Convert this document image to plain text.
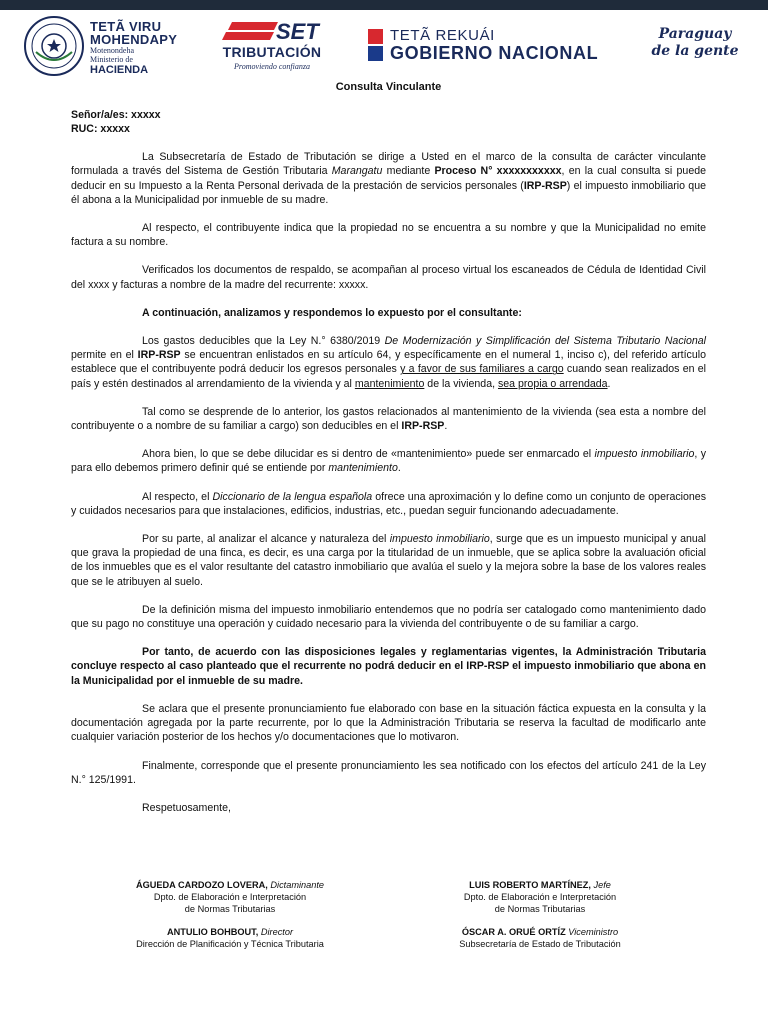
TETÃ VIRU
MOHENDAPY
Motenondeha
Ministerio de
HACIENDA
SET
TRIBUTACIÓN
Promoviendo confianza
TETÃ REKUÁI
GOBIERNO NACIONAL
Paraguay
de la gente
Consulta Vinculante
Señor/a/es: xxxxx
RUC: xxxxx

La Subsecretaría de Estado de Tributación se dirige a Usted en el marco de la consulta de carácter vinculante formulada a través del Sistema de Gestión Tributaria Marangatu mediante Proceso N° xxxxxxxxxxx, en la cual consulta si puede deducir en su Impuesto a la Renta Personal derivada de la prestación de servicios personales (IRP-RSP) el impuesto inmobiliario que él abona a la Municipalidad por inmueble de su madre.

Al respecto, el contribuyente indica que la propiedad no se encuentra a su nombre y que la Municipalidad no emite factura a su nombre.

Verificados los documentos de respaldo, se acompañan al proceso virtual los escaneados de Cédula de Identidad Civil del xxxx y facturas a nombre de la madre del recurrente: xxxxx.

A continuación, analizamos y respondemos lo expuesto por el consultante:

Los gastos deducibles que la Ley N.° 6380/2019 De Modernización y Simplificación del Sistema Tributario Nacional permite en el IRP-RSP se encuentran enlistados en su artículo 64, y específicamente en el numeral 1, inciso c), del referido artículo establece que el contribuyente podrá deducir los egresos personales y a favor de sus familiares a cargo cuando sean realizados en el país y estén destinados al arrendamiento de la vivienda y al mantenimiento de la vivienda, sea propia o arrendada.

Tal como se desprende de lo anterior, los gastos relacionados al mantenimiento de la vivienda (sea esta a nombre del contribuyente o a nombre de su familiar a cargo) son deducibles en el IRP-RSP.

Ahora bien, lo que se debe dilucidar es si dentro de «mantenimiento» puede ser enmarcado el impuesto inmobiliario, y para ello debemos primero definir qué se entiende por mantenimiento.

Al respecto, el Diccionario de la lengua española ofrece una aproximación y lo define como un conjunto de operaciones y cuidados necesarios para que instalaciones, edificios, industrias, etc., puedan seguir funcionando adecuadamente.

Por su parte, al analizar el alcance y naturaleza del impuesto inmobiliario, surge que es un impuesto municipal y anual que grava la propiedad de una finca, es decir, es una carga por la titularidad de un inmueble, que se aplica sobre la avaluación oficial de los inmuebles que es el valor resultante del catastro inmobiliario que avalúa el suelo y la mejora sobre la base de los valores reales que se le atribuyen al suelo.

De la definición misma del impuesto inmobiliario entendemos que no podría ser catalogado como mantenimiento dado que su pago no constituye una operación y cuidado necesario para la vivienda del contribuyente o de su familiar a cargo.

Por tanto, de acuerdo con las disposiciones legales y reglamentarias vigentes, la Administración Tributaria concluye respecto al caso planteado que el recurrente no podrá deducir en el IRP-RSP el impuesto inmobiliario que abona en la Municipalidad por el inmueble de su madre.

Se aclara que el presente pronunciamiento fue elaborado con base en la situación fáctica expuesta en la consulta y la documentación agregada por la parte recurrente, por lo que la Administración Tributaria se reserva la facultad de modificarlo ante cualquier variación posterior de los hechos y/o documentaciones que lo motivaron.

Finalmente, corresponde que el presente pronunciamiento les sea notificado con los efectos del artículo 241 de la Ley N.° 125/1991.

Respetuosamente,
ÁGUEDA CARDOZO LOVERA, Dictaminante
Dpto. de Elaboración e Interpretación
de Normas Tributarias
LUIS ROBERTO MARTÍNEZ, Jefe
Dpto. de Elaboración e Interpretación
de Normas Tributarias
ANTULIO BOHBOUT, Director
Dirección de Planificación y Técnica Tributaria
ÓSCAR A. ORUÉ ORTÍZ Viceministro
Subsecretaría de Estado de Tributación
